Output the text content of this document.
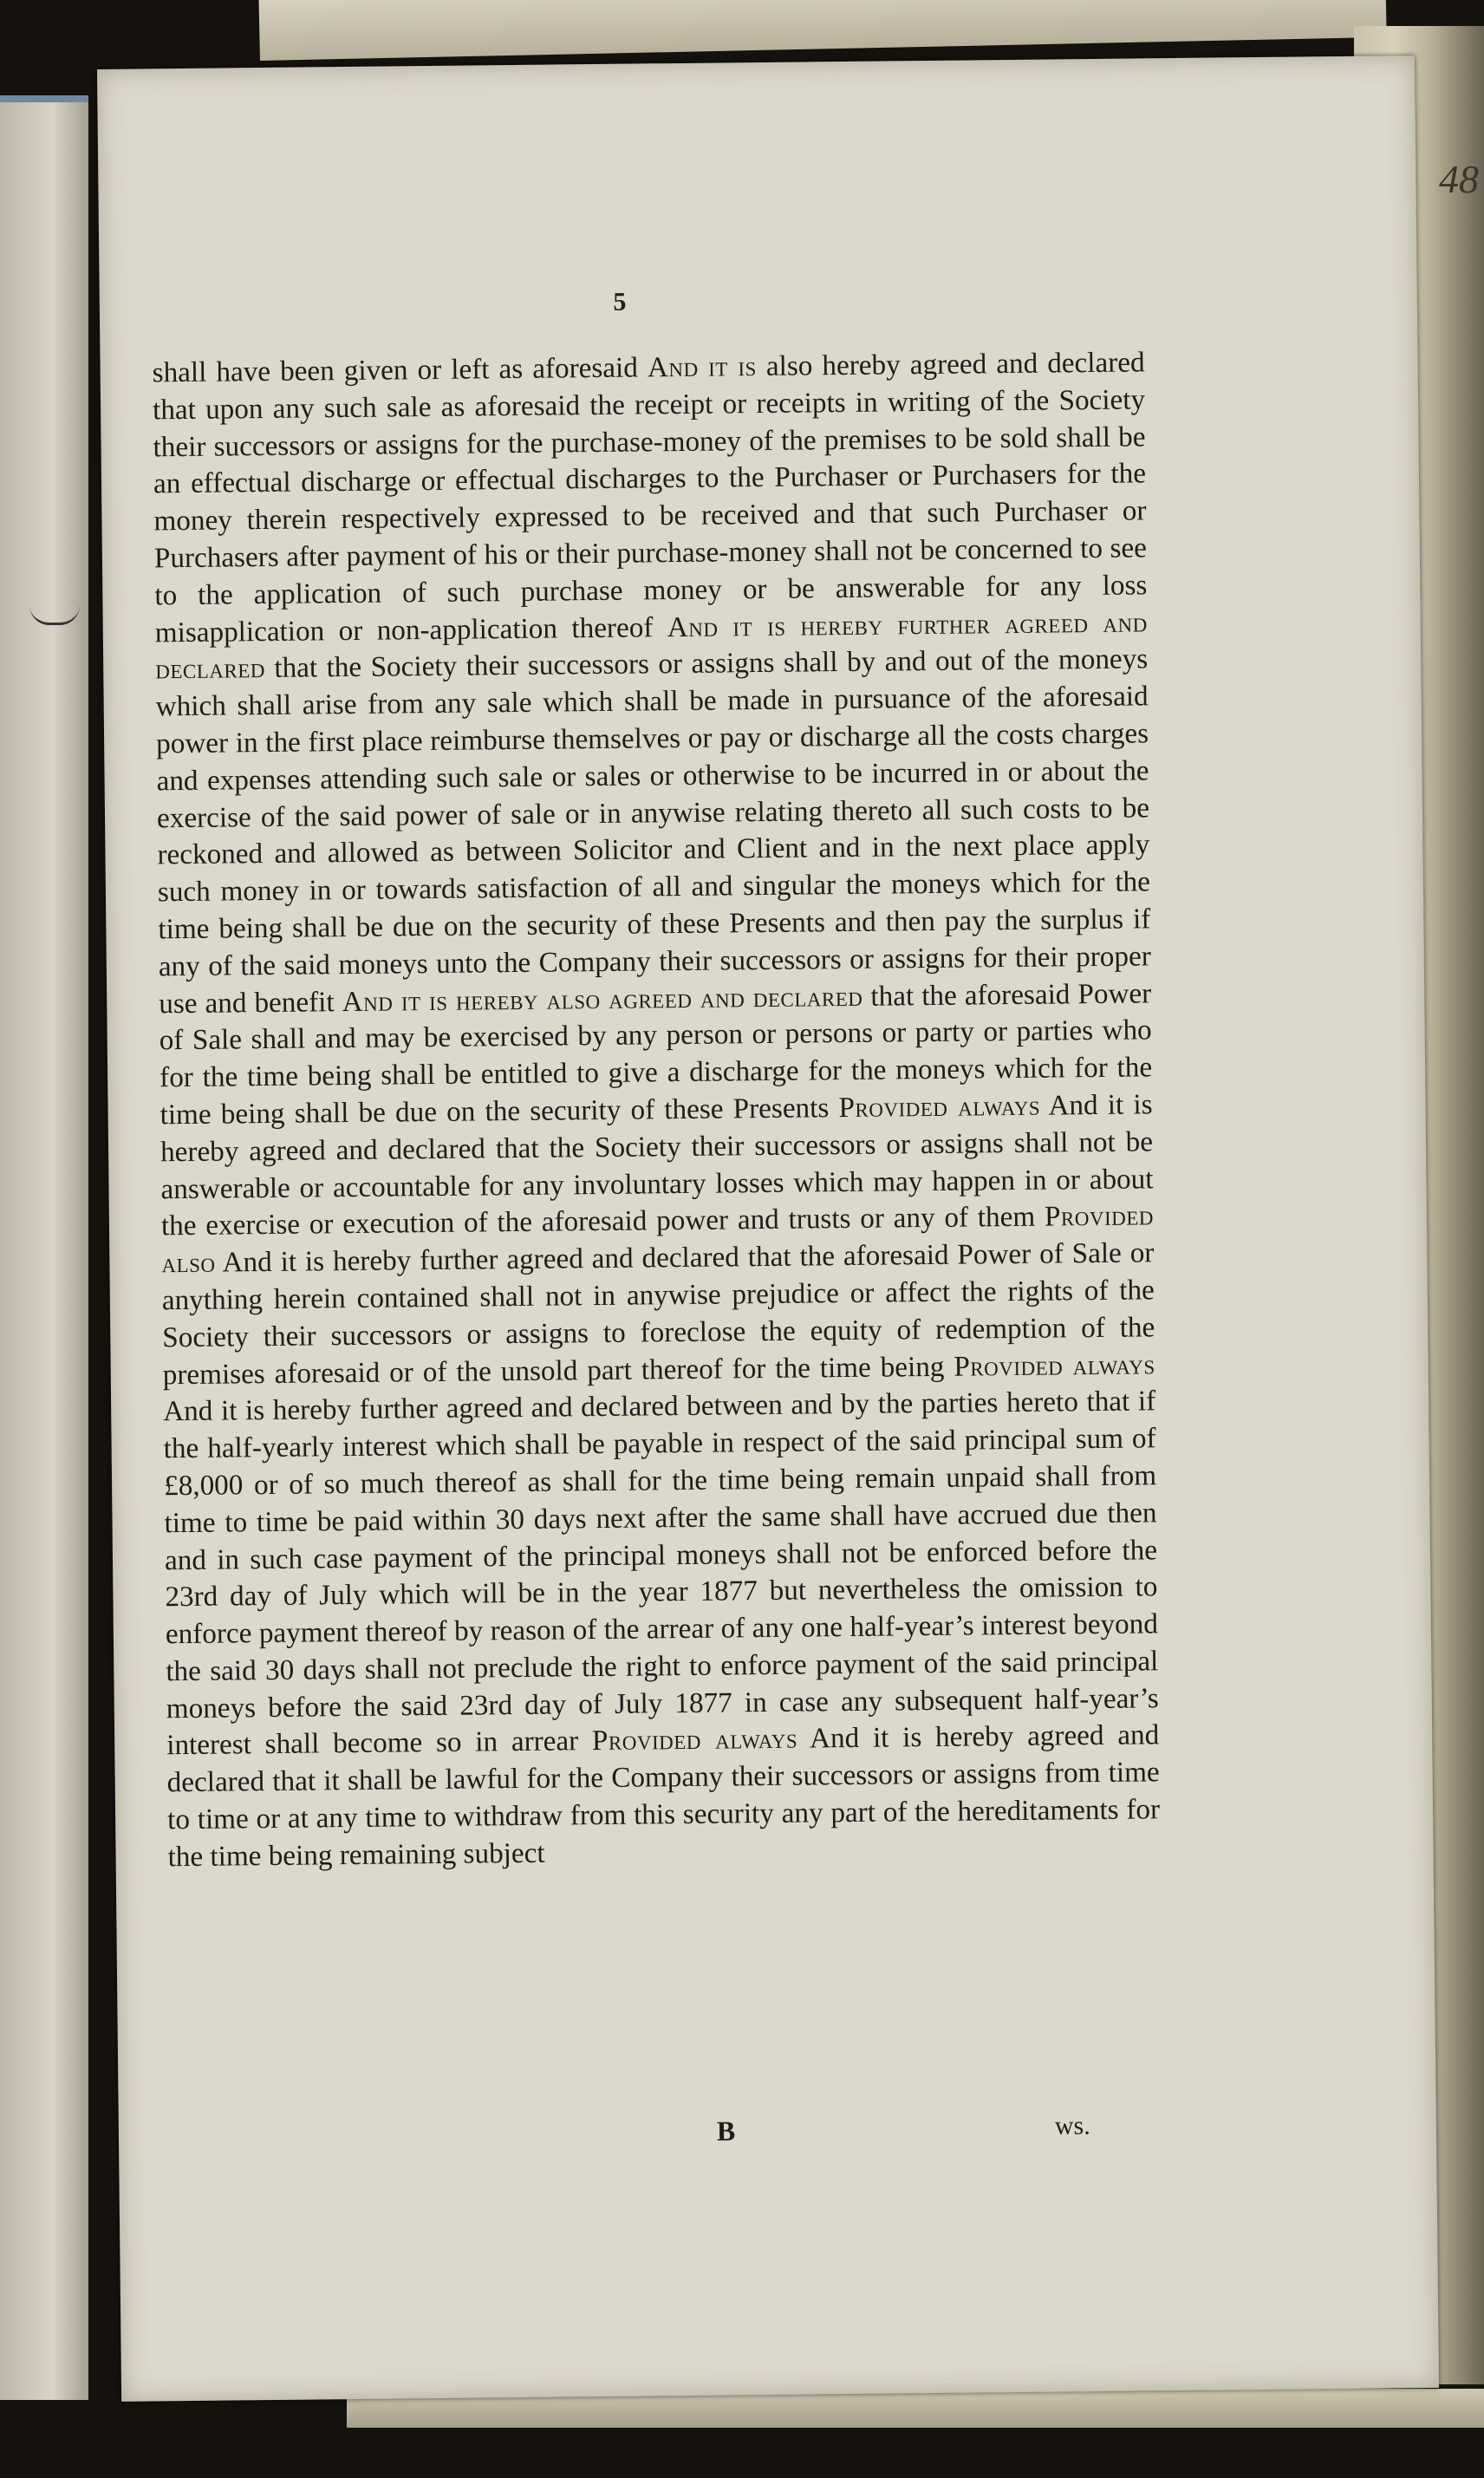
48
5
shall have been given or left as aforesaid And it is also hereby agreed and declared that upon any such sale as aforesaid the receipt or receipts in writing of the Society their successors or assigns for the purchase-money of the premises to be sold shall be an effectual discharge or effectual discharges to the Purchaser or Purchasers for the money therein respectively expressed to be received and that such Purchaser or Purchasers after payment of his or their purchase-money shall not be concerned to see to the application of such purchase money or be answerable for any loss misapplication or non-application thereof And it is hereby further agreed and declared that the Society their successors or assigns shall by and out of the moneys which shall arise from any sale which shall be made in pursuance of the aforesaid power in the first place reimburse themselves or pay or discharge all the costs charges and expenses attending such sale or sales or otherwise to be incurred in or about the exercise of the said power of sale or in anywise relating thereto all such costs to be reckoned and allowed as between Solicitor and Client and in the next place apply such money in or towards satisfaction of all and singular the moneys which for the time being shall be due on the security of these Presents and then pay the surplus if any of the said moneys unto the Company their successors or assigns for their proper use and benefit And it is hereby also agreed and declared that the aforesaid Power of Sale shall and may be exercised by any person or persons or party or parties who for the time being shall be entitled to give a discharge for the moneys which for the time being shall be due on the security of these Presents Provided always And it is hereby agreed and declared that the Society their successors or assigns shall not be answerable or accountable for any involuntary losses which may happen in or about the exercise or execution of the aforesaid power and trusts or any of them Provided also And it is hereby further agreed and declared that the aforesaid Power of Sale or anything herein contained shall not in anywise prejudice or affect the rights of the Society their successors or assigns to foreclose the equity of redemption of the premises aforesaid or of the unsold part thereof for the time being Provided always And it is hereby further agreed and declared between and by the parties hereto that if the half-yearly interest which shall be payable in respect of the said principal sum of £8,000 or of so much thereof as shall for the time being remain unpaid shall from time to time be paid within 30 days next after the same shall have accrued due then and in such case payment of the principal moneys shall not be enforced before the 23rd day of July which will be in the year 1877 but nevertheless the omission to enforce payment thereof by reason of the arrear of any one half-year’s interest beyond the said 30 days shall not preclude the right to enforce payment of the said principal moneys before the said 23rd day of July 1877 in case any subsequent half-year’s interest shall become so in arrear Provided always And it is hereby agreed and declared that it shall be lawful for the Company their successors or assigns from time to time or at any time to withdraw from this security any part of the hereditaments for the time being remaining subject
B	ws.
